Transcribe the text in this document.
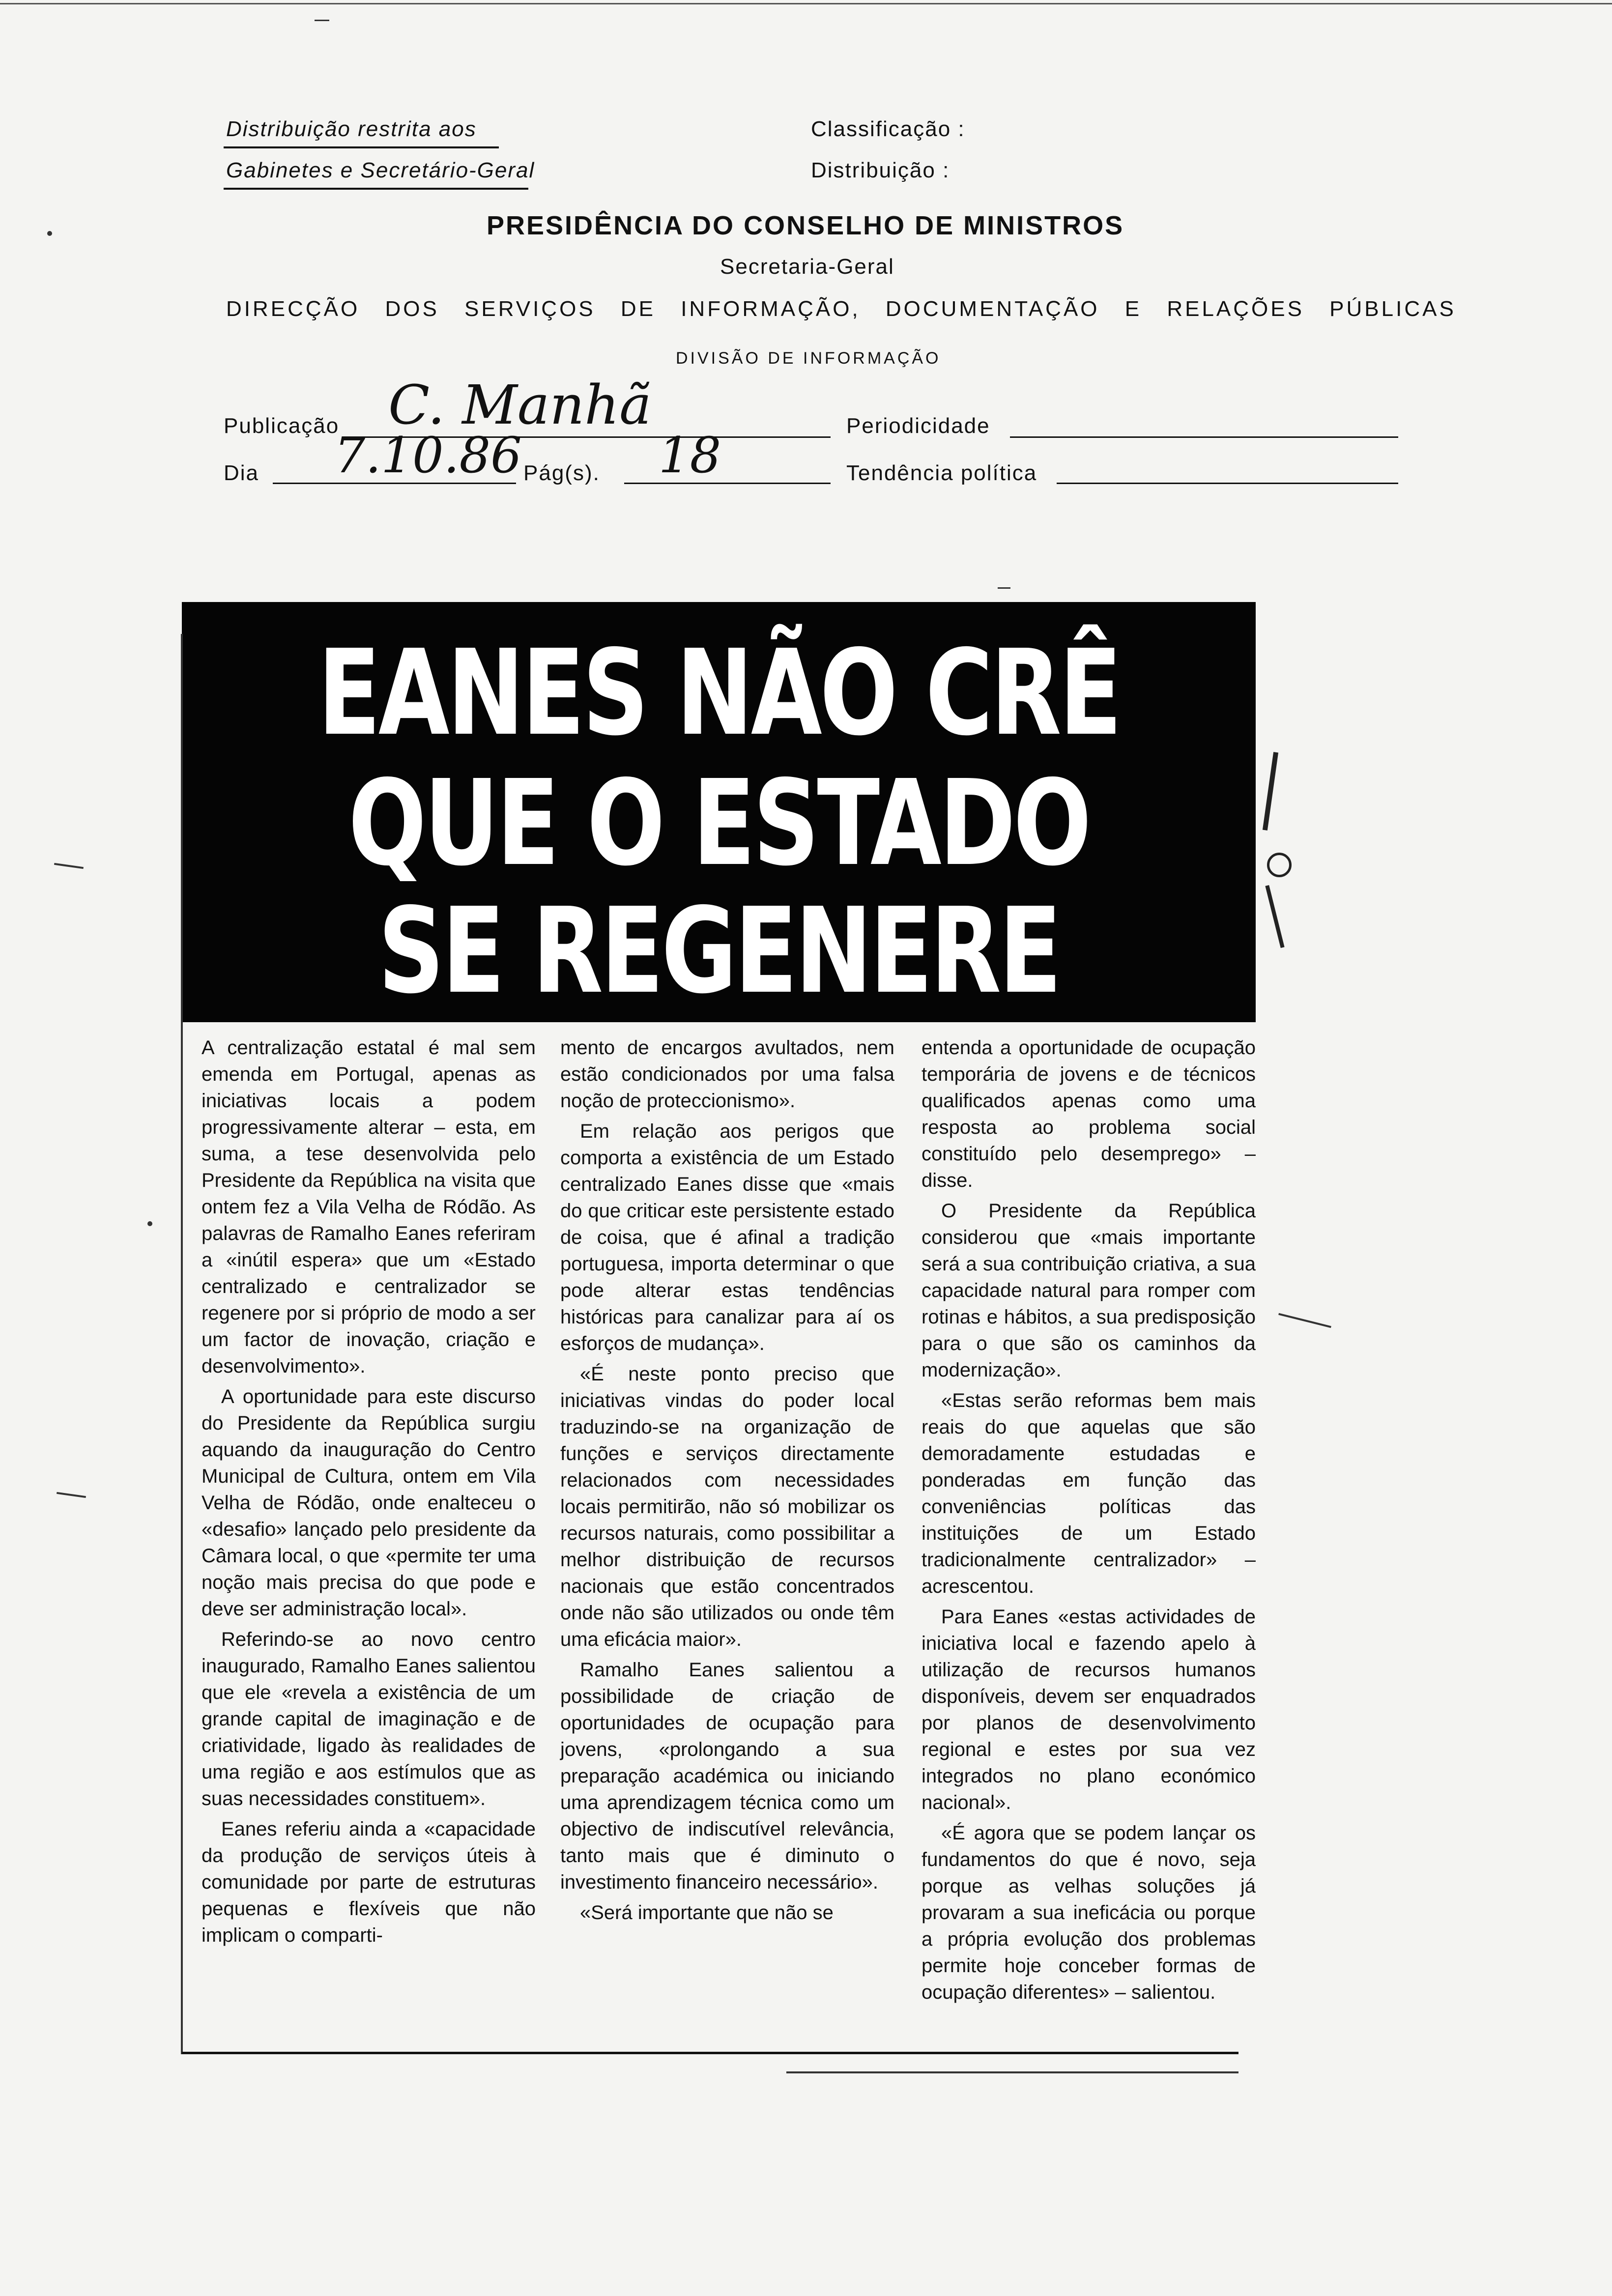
Distribuição restrita aos
Gabinetes e Secretário-Geral
Classificação :
Distribuição :
PRESIDÊNCIA DO CONSELHO DE MINISTROS
Secretaria-Geral
DIRECÇÃO DOS SERVIÇOS DE INFORMAÇÃO, DOCUMENTAÇÃO E RELAÇÕES PÚBLICAS
DIVISÃO DE INFORMAÇÃO
Publicação C. Manhã	Periodicidade
Dia 7.10.86 Pág(s). 18	Tendência política
EANES NÃO CRÊ
QUE O ESTADO
SE REGENERE

A centralização estatal é mal sem emenda em Portugal, apenas as iniciativas locais a podem progressivamente alterar – esta, em suma, a tese desenvolvida pelo Presidente da República na visita que ontem fez a Vila Velha de Ródão. As palavras de Ramalho Eanes referiram a «inútil espera» que um «Estado centralizado e centralizador se regenere por si próprio de modo a ser um factor de inovação, criação e desenvolvimento».

A oportunidade para este discurso do Presidente da República surgiu aquando da inauguração do Centro Municipal de Cultura, ontem em Vila Velha de Ródão, onde enalteceu o «desafio» lançado pelo presidente da Câmara local, o que «permite ter uma noção mais precisa do que pode e deve ser administração local».

Referindo-se ao novo centro inaugurado, Ramalho Eanes salientou que ele «revela a existência de um grande capital de imaginação e de criatividade, ligado às realidades de uma região e aos estímulos que as suas necessidades constituem».

Eanes referiu ainda a «capacidade da produção de serviços úteis à comunidade por parte de estruturas pequenas e flexíveis que não implicam o comparti-

mento de encargos avultados, nem estão condicionados por uma falsa noção de proteccionismo».

Em relação aos perigos que comporta a existência de um Estado centralizado Eanes disse que «mais do que criticar este persistente estado de coisa, que é afinal a tradição portuguesa, importa determinar o que pode alterar estas tendências históricas para canalizar para aí os esforços de mudança».

«É neste ponto preciso que iniciativas vindas do poder local traduzindo-se na organização de funções e serviços directamente relacionados com necessidades locais permitirão, não só mobilizar os recursos naturais, como possibilitar a melhor distribuição de recursos nacionais que estão concentrados onde não são utilizados ou onde têm uma eficácia maior».

Ramalho Eanes salientou a possibilidade de criação de oportunidades de ocupação para jovens, «prolongando a sua preparação académica ou iniciando uma aprendizagem técnica como um objectivo de indiscutível relevância, tanto mais que é diminuto o investimento financeiro necessário».

«Será importante que não se

entenda a oportunidade de ocupação temporária de jovens e de técnicos qualificados apenas como uma resposta ao problema social constituído pelo desemprego» – disse.

O Presidente da República considerou que «mais importante será a sua contribuição criativa, a sua capacidade natural para romper com rotinas e hábitos, a sua predisposição para o que são os caminhos da modernização».

«Estas serão reformas bem mais reais do que aquelas que são demoradamente estudadas e ponderadas em função das conveniências políticas das instituições de um Estado tradicionalmente centralizador» – acrescentou.

Para Eanes «estas actividades de iniciativa local e fazendo apelo à utilização de recursos humanos disponíveis, devem ser enquadrados por planos de desenvolvimento regional e estes por sua vez integrados no plano económico nacional».

«É agora que se podem lançar os fundamentos do que é novo, seja porque as velhas soluções já provaram a sua ineficácia ou porque a própria evolução dos problemas permite hoje conceber formas de ocupação diferentes» – salientou.
